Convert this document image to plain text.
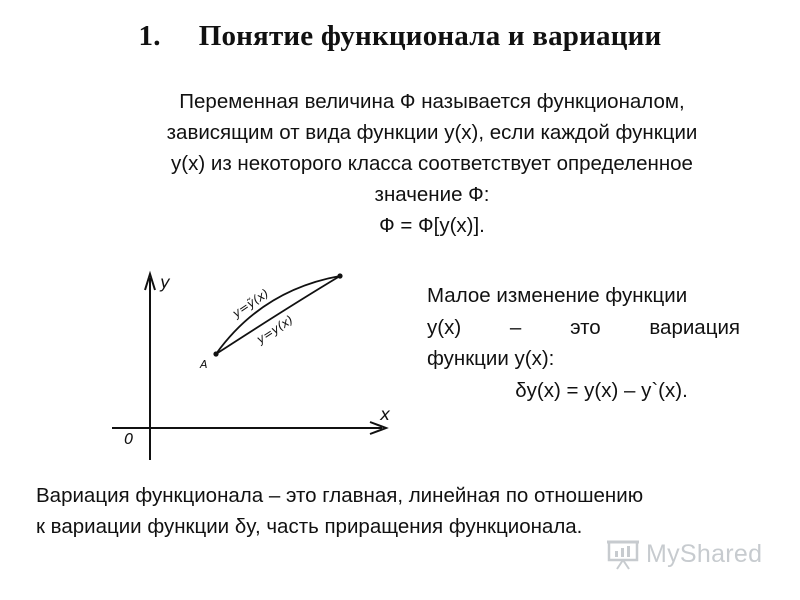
1. Понятие функционала и вариации
Переменная величина Ф называется функционалом,
зависящим от вида функции y(x), если каждой функции
y(x) из некоторого класса соответствует определенное
значение Ф:
Ф = Ф[y(x)].
y
x
0
A
y=ỹ(x)
y=y(x)
Малое изменение функции
y(x) – это вариация
функции y(x):
δy(x) = y(x) – y`(x).
Вариация функционала – это главная, линейная по отношению
к вариации функции δy, часть приращения функционала.
MyShared
